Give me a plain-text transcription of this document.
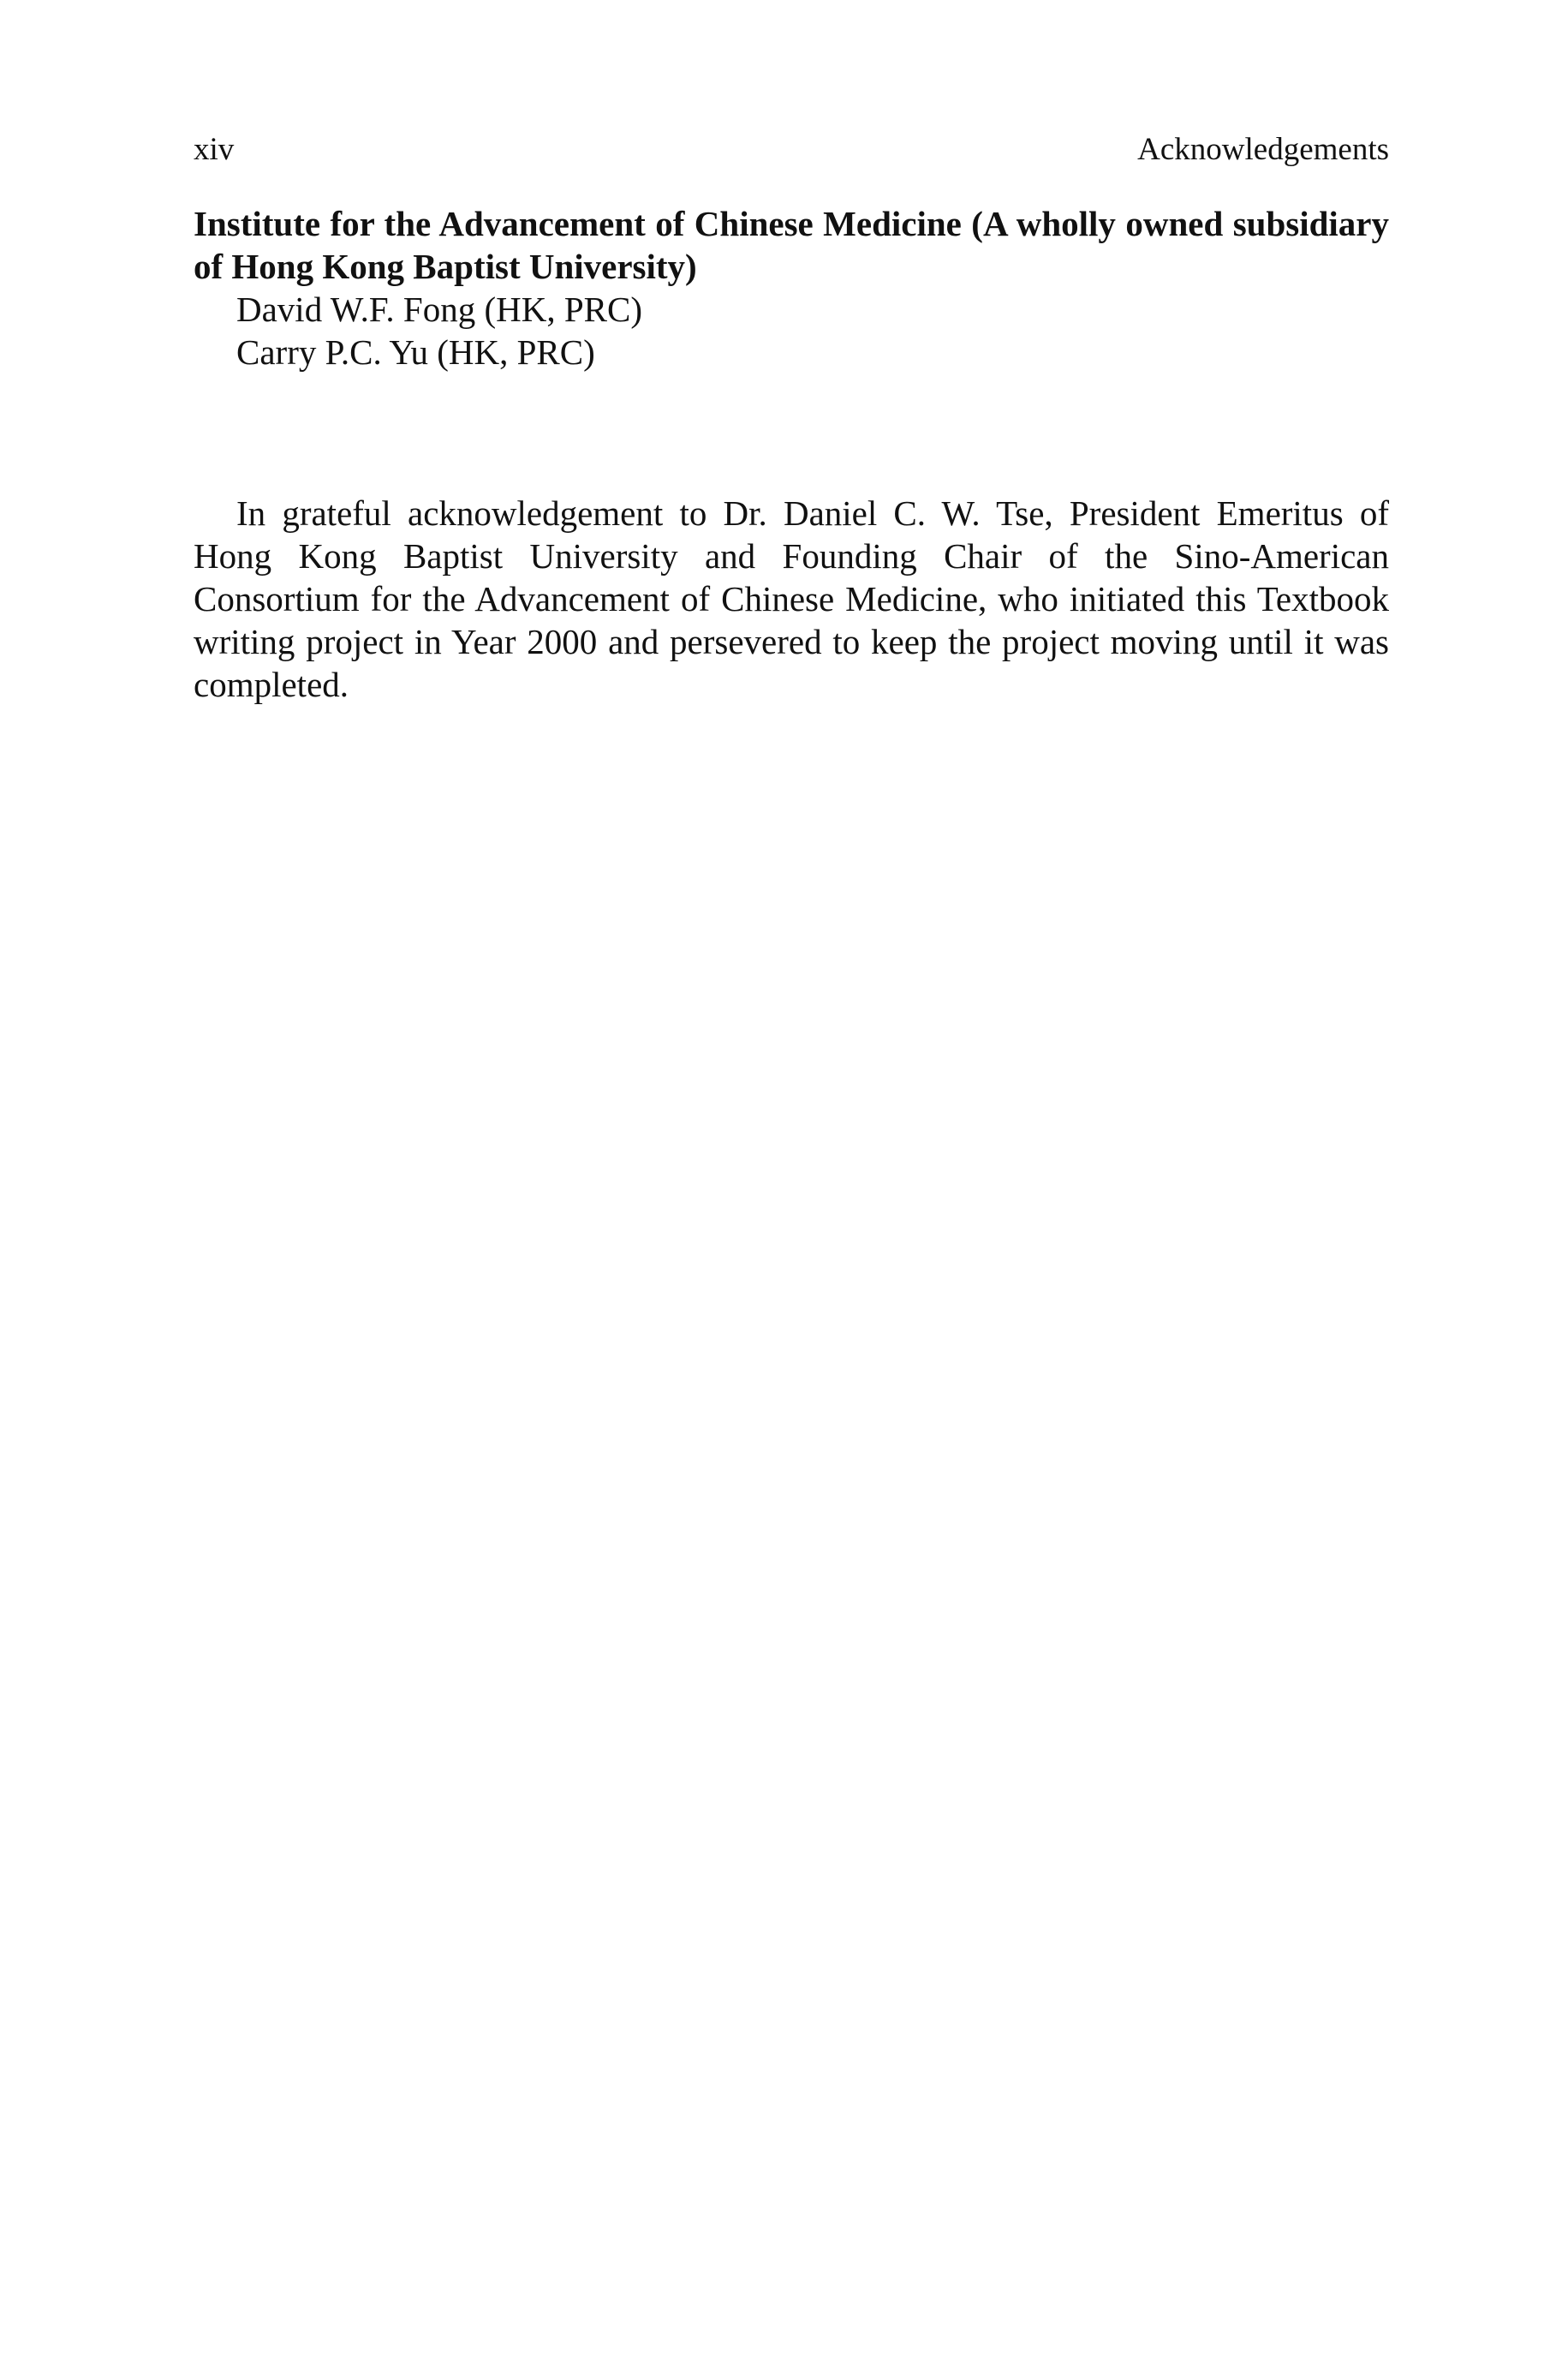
xiv	Acknowledgements
Institute for the Advancement of Chinese Medicine (A wholly owned subsidiary of Hong Kong Baptist University)
David W.F. Fong (HK, PRC)
Carry P.C. Yu (HK, PRC)

In grateful acknowledgement to Dr. Daniel C. W. Tse, President Emeritus of Hong Kong Baptist University and Founding Chair of the Sino-American Consortium for the Advancement of Chinese Medicine, who initiated this Textbook writing project in Year 2000 and persevered to keep the project moving until it was completed.
